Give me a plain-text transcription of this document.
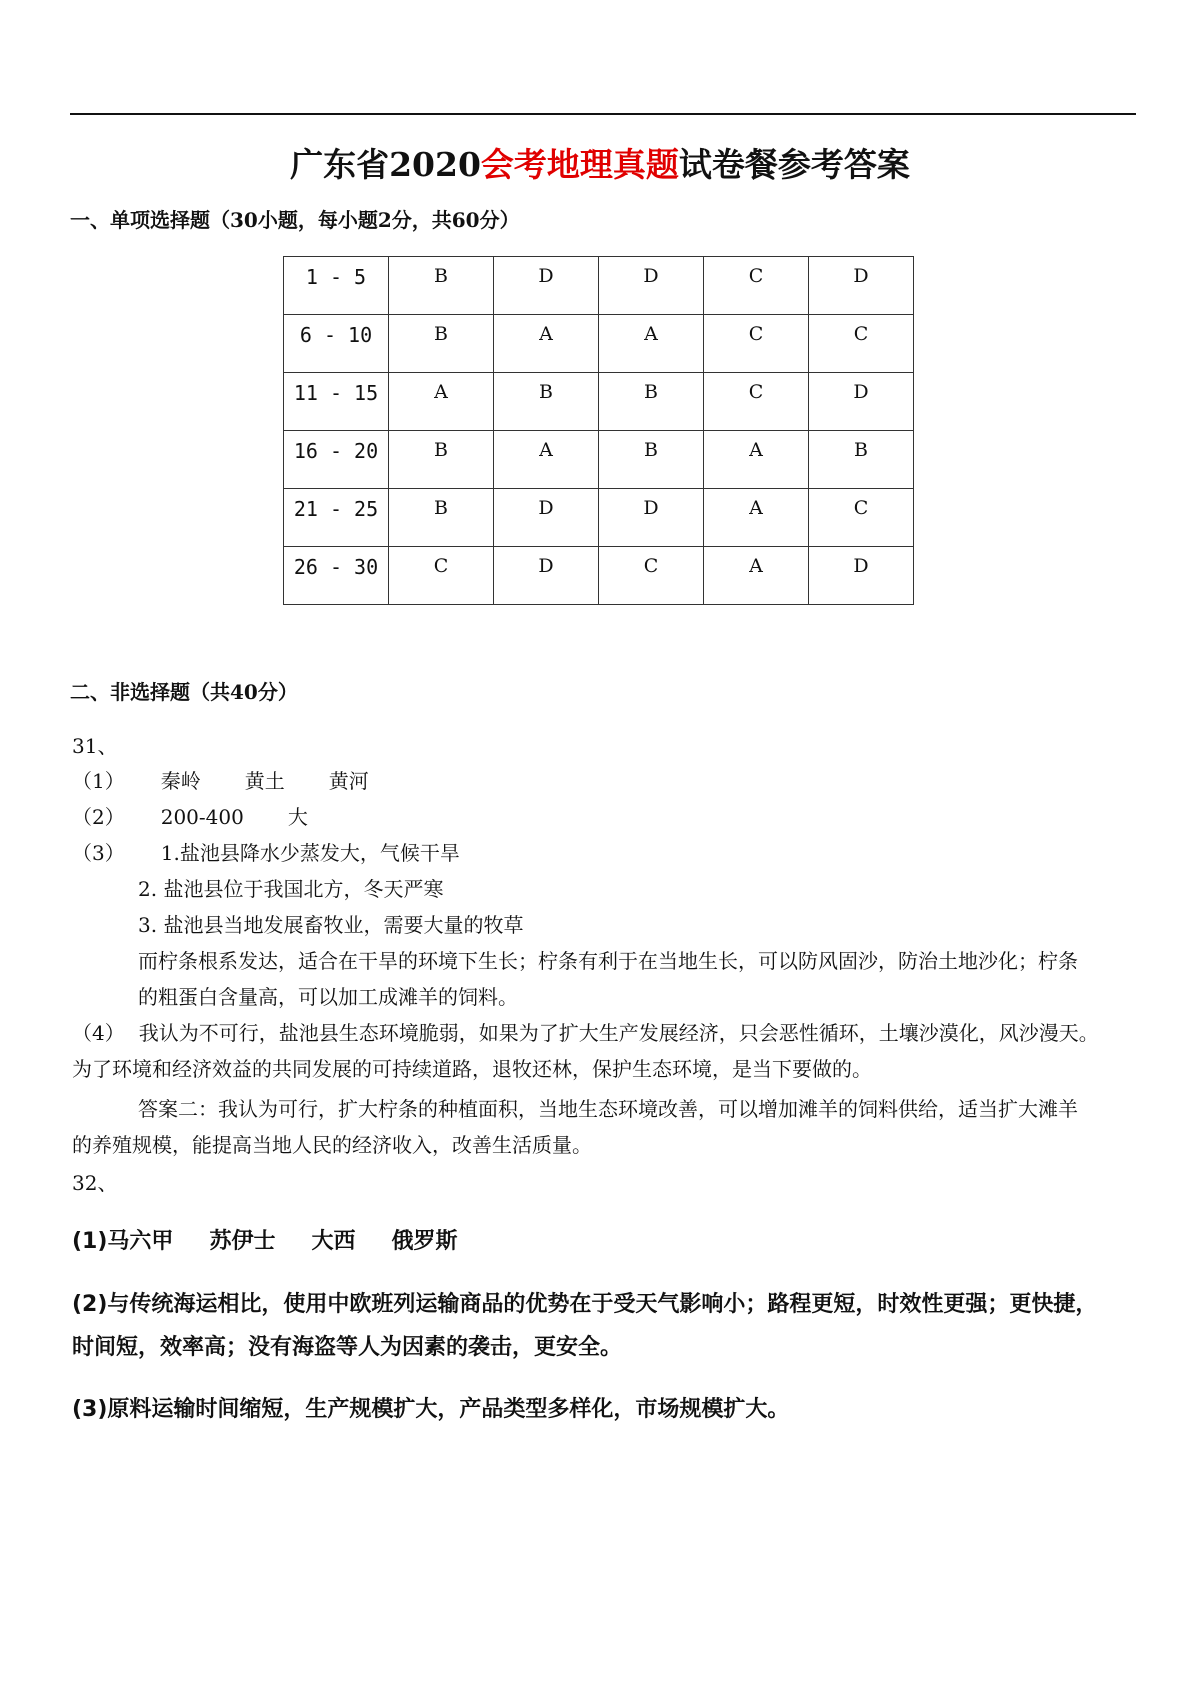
广东省2020会考地理真题试卷餐参考答案
一、单项选择题（30小题，每小题2分，共60分）
1 - 5	B	D	D	C	D
6 - 10	B	A	A	C	C
11 - 15	A	B	B	C	D
16 - 20	B	A	B	A	B
21 - 25	B	D	D	A	C
26 - 30	C	D	C	A	D
二、非选择题（共40分）
31、
（1） 秦岭 黄土 黄河
（2） 200-400 大
（3） 1.盐池县降水少蒸发大，气候干旱
2. 盐池县位于我国北方，冬天严寒
3. 盐池县当地发展畜牧业，需要大量的牧草
而柠条根系发达，适合在干旱的环境下生长；柠条有利于在当地生长，可以防风固沙，防治土地沙化；柠条
的粗蛋白含量高，可以加工成滩羊的饲料。
（4） 我认为不可行，盐池县生态环境脆弱，如果为了扩大生产发展经济，只会恶性循环，土壤沙漠化，风沙漫天。
为了环境和经济效益的共同发展的可持续道路，退牧还林，保护生态环境，是当下要做的。
答案二：我认为可行，扩大柠条的种植面积，当地生态环境改善，可以增加滩羊的饲料供给，适当扩大滩羊
的养殖规模，能提高当地人民的经济收入，改善生活质量。
32、
(1)马六甲 苏伊士 大西 俄罗斯
(2)与传统海运相比，使用中欧班列运输商品的优势在于受天气影响小；路程更短，时效性更强；更快捷，
时间短，效率高；没有海盗等人为因素的袭击，更安全。
(3)原料运输时间缩短，生产规模扩大，产品类型多样化，市场规模扩大。
